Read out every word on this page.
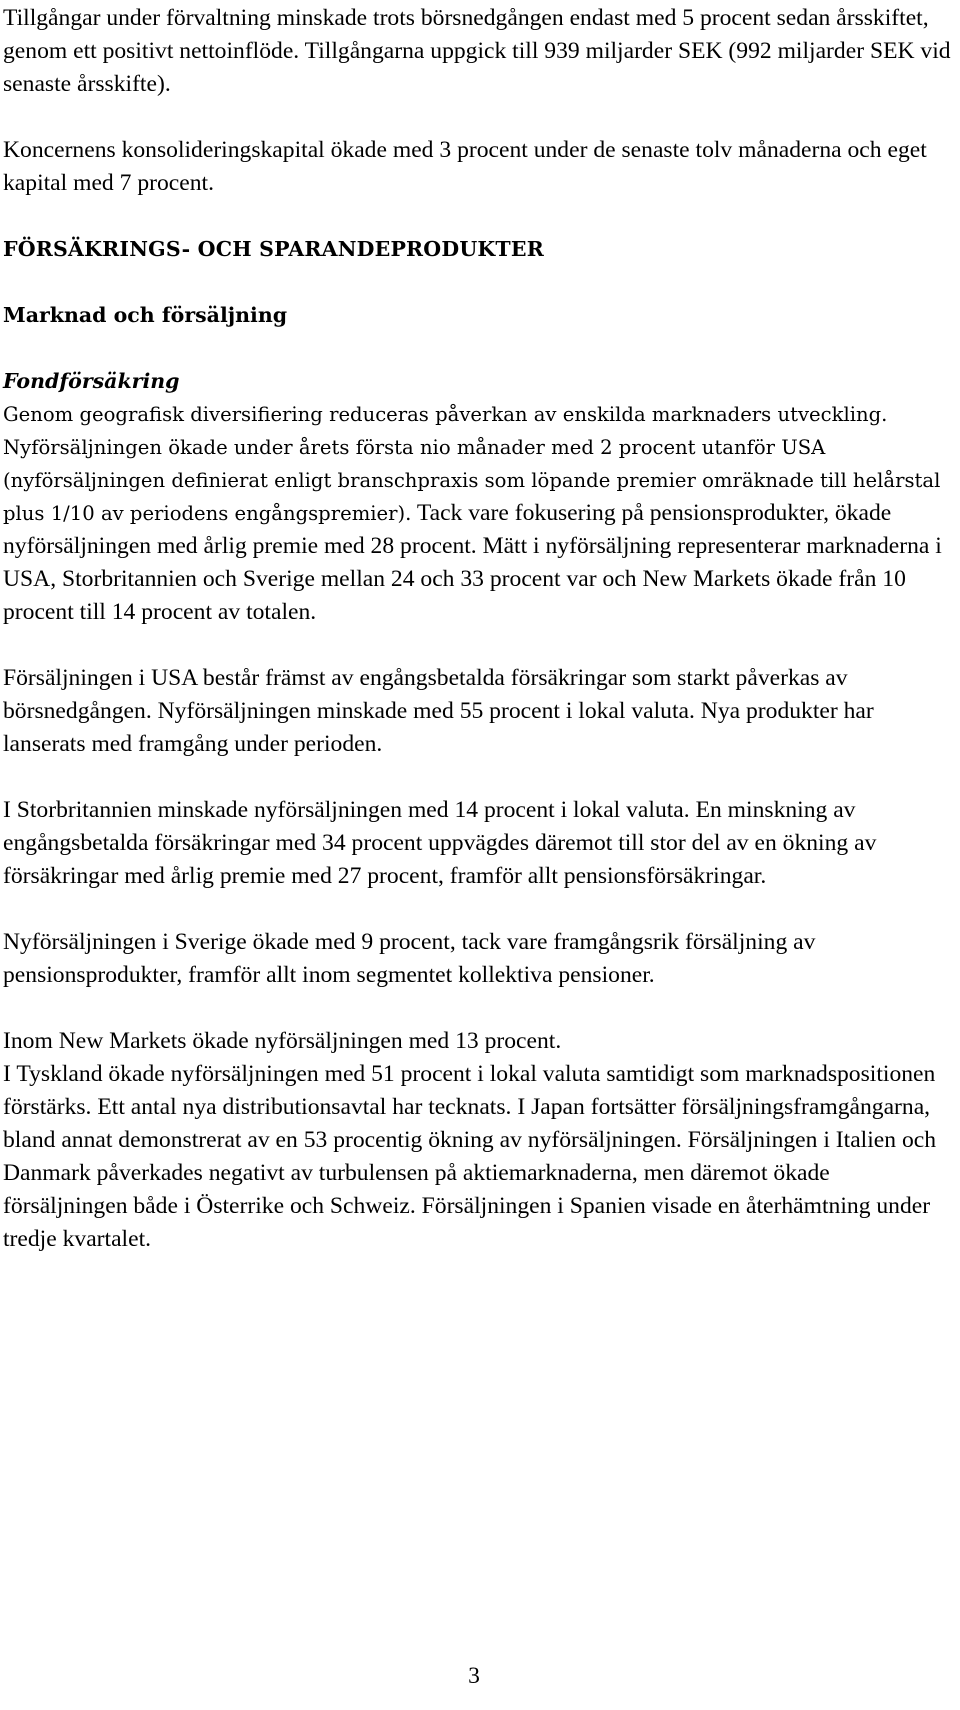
Tillgångar under förvaltning minskade trots börsnedgången endast med 5 procent sedan årsskiftet, genom ett positivt nettoinflöde. Tillgångarna uppgick till 939 miljarder SEK (992 miljarder SEK vid senaste årsskifte).

Koncernens konsolideringskapital ökade med 3 procent under de senaste tolv månaderna och eget kapital med 7 procent.

FÖRSÄKRINGS- OCH SPARANDEPRODUKTER

Marknad och försäljning

Fondförsäkring

Genom geografisk diversifiering reduceras påverkan av enskilda marknaders utveckling. Nyförsäljningen ökade under årets första nio månader med 2 procent utanför USA (nyförsäljningen definierat enligt branschpraxis som löpande premier omräknade till helårstal plus 1/10 av periodens engångspremier). Tack vare fokusering på pensionsprodukter, ökade nyförsäljningen med årlig premie med 28 procent. Mätt i nyförsäljning representerar marknaderna i USA, Storbritannien och Sverige mellan 24 och 33 procent var och New Markets ökade från 10 procent till 14 procent av totalen.

Försäljningen i USA består främst av engångsbetalda försäkringar som starkt påverkas av börsnedgången. Nyförsäljningen minskade med 55 procent i lokal valuta. Nya produkter har lanserats med framgång under perioden.

I Storbritannien minskade nyförsäljningen med 14 procent i lokal valuta. En minskning av engångsbetalda försäkringar med 34 procent uppvägdes däremot till stor del av en ökning av försäkringar med årlig premie med 27 procent, framför allt pensionsförsäkringar.

Nyförsäljningen i Sverige ökade med 9 procent, tack vare framgångsrik försäljning av pensionsprodukter, framför allt inom segmentet kollektiva pensioner.

Inom New Markets ökade nyförsäljningen med 13 procent.

I Tyskland ökade nyförsäljningen med 51 procent i lokal valuta samtidigt som marknadspositionen förstärks. Ett antal nya distributionsavtal har tecknats. I Japan fortsätter försäljningsframgångarna, bland annat demonstrerat av en 53 procentig ökning av nyförsäljningen. Försäljningen i Italien och Danmark påverkades negativt av turbulensen på aktiemarknaderna, men däremot ökade försäljningen både i Österrike och Schweiz. Försäljningen i Spanien visade en återhämtning under tredje kvartalet.

3
